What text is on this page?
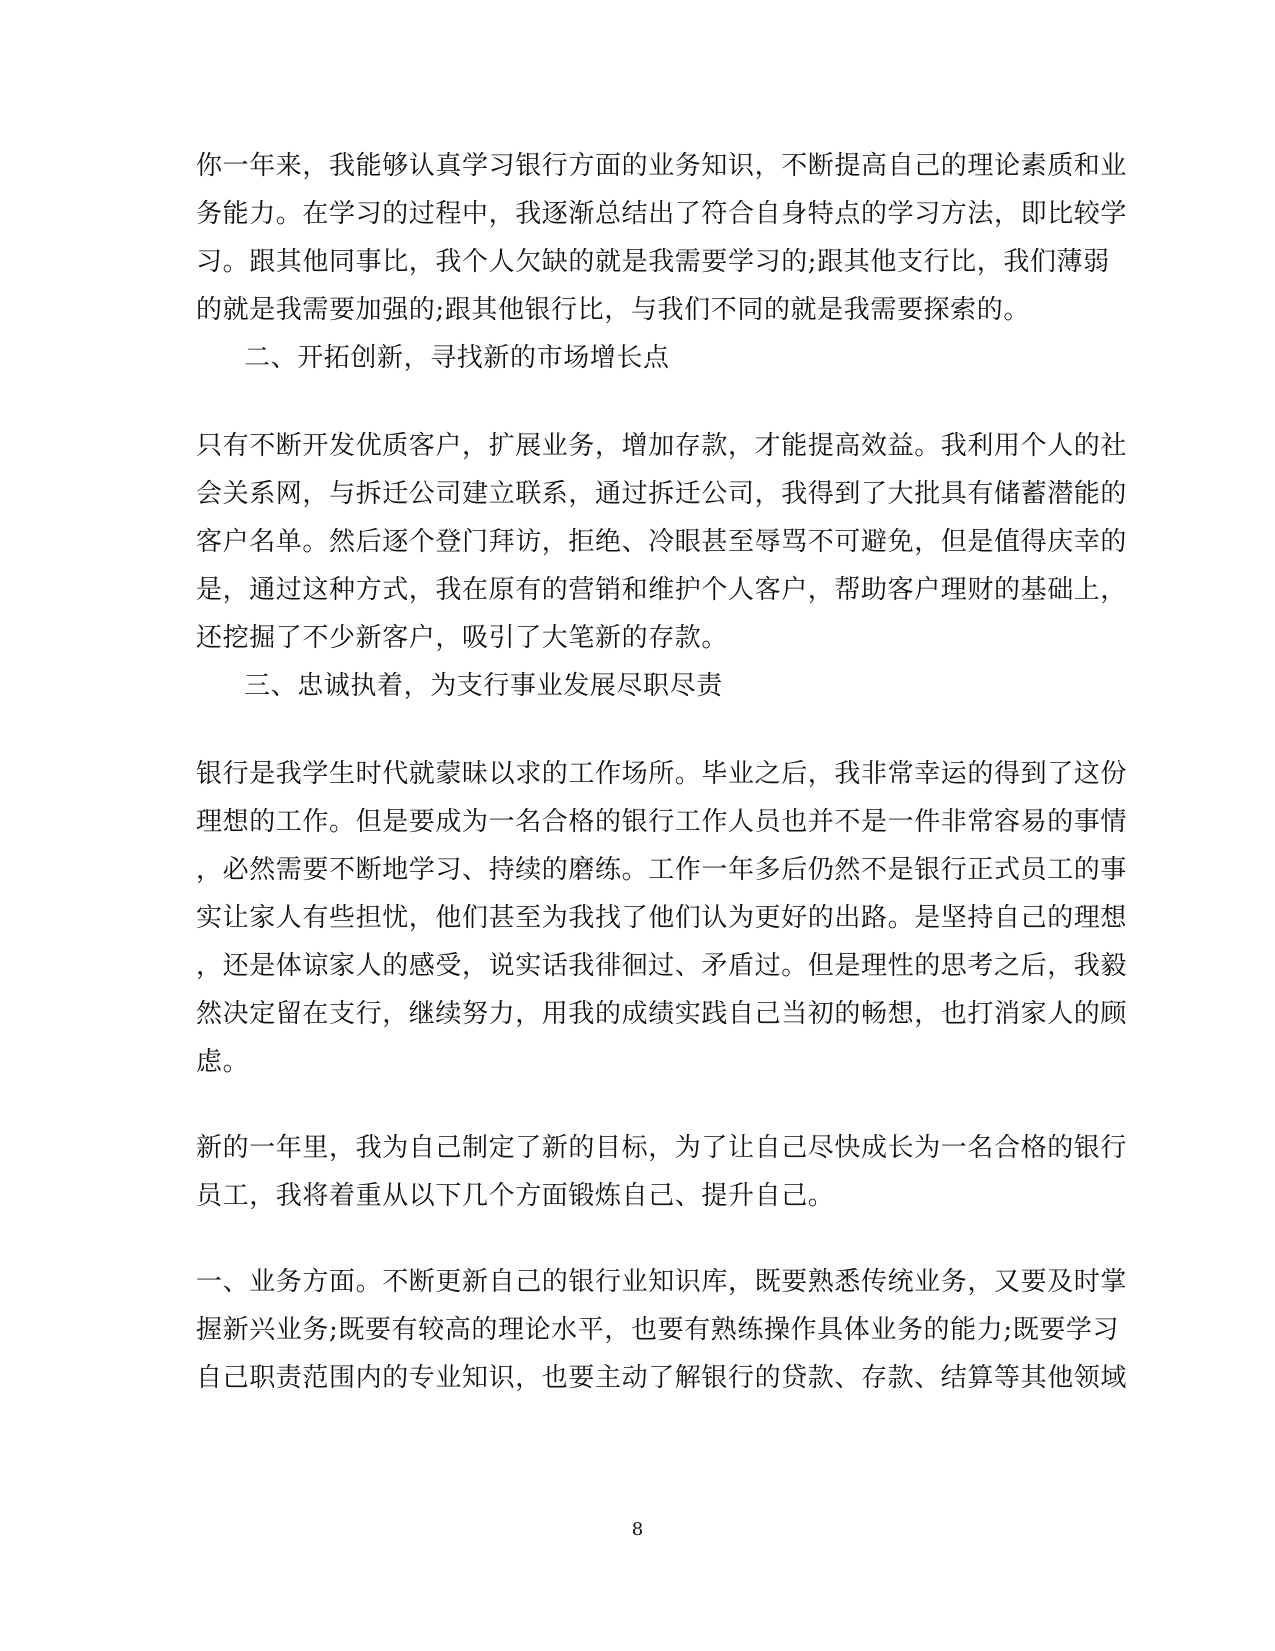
你一年来，我能够认真学习银行方面的业务知识，不断提高自己的理论素质和业
务能力。在学习的过程中，我逐渐总结出了符合自身特点的学习方法，即比较学
习。跟其他同事比，我个人欠缺的就是我需要学习的;跟其他支行比，我们薄弱
的就是我需要加强的;跟其他银行比，与我们不同的就是我需要探索的。
二、开拓创新，寻找新的市场增长点
只有不断开发优质客户，扩展业务，增加存款，才能提高效益。我利用个人的社
会关系网，与拆迁公司建立联系，通过拆迁公司，我得到了大批具有储蓄潜能的
客户名单。然后逐个登门拜访，拒绝、冷眼甚至辱骂不可避免，但是值得庆幸的
是，通过这种方式，我在原有的营销和维护个人客户，帮助客户理财的基础上，
还挖掘了不少新客户，吸引了大笔新的存款。
三、忠诚执着，为支行事业发展尽职尽责
银行是我学生时代就蒙昧以求的工作场所。毕业之后，我非常幸运的得到了这份
理想的工作。但是要成为一名合格的银行工作人员也并不是一件非常容易的事情
，必然需要不断地学习、持续的磨练。工作一年多后仍然不是银行正式员工的事
实让家人有些担忧，他们甚至为我找了他们认为更好的出路。是坚持自己的理想
，还是体谅家人的感受，说实话我徘徊过、矛盾过。但是理性的思考之后，我毅
然决定留在支行，继续努力，用我的成绩实践自己当初的畅想，也打消家人的顾
虑。
新的一年里，我为自己制定了新的目标，为了让自己尽快成长为一名合格的银行
员工，我将着重从以下几个方面锻炼自己、提升自己。
一、业务方面。不断更新自己的银行业知识库，既要熟悉传统业务，又要及时掌
握新兴业务;既要有较高的理论水平，也要有熟练操作具体业务的能力;既要学习
自己职责范围内的专业知识，也要主动了解银行的贷款、存款、结算等其他领域
8
